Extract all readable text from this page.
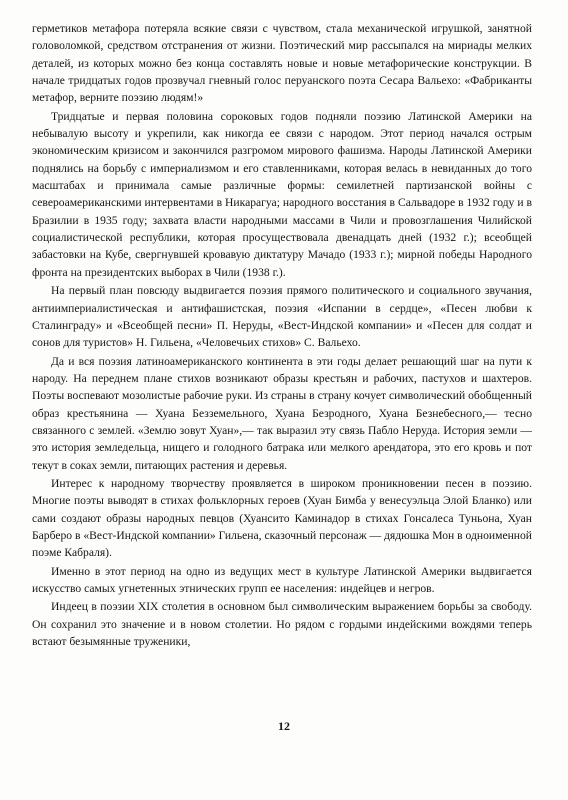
герметиков метафора потеряла всякие связи с чувством, стала механической игрушкой, занятной головоломкой, средством отстранения от жизни. Поэтический мир рассыпался на мириады мелких деталей, из которых можно без конца составлять новые и новые метафорические конструкции. В начале тридцатых годов прозвучал гневный голос перуанского поэта Сесара Вальехо: «Фабриканты метафор, верните поэзию людям!»

Тридцатые и первая половина сороковых годов подняли поэзию Латинской Америки на небывалую высоту и укрепили, как никогда ее связи с народом. Этот период начался острым экономическим кризисом и закончился разгромом мирового фашизма. Народы Латинской Америки поднялись на борьбу с империализмом и его ставленниками, которая велась в невиданных до того масштабах и принимала самые различные формы: семилетней партизанской войны с североамериканскими интервентами в Никарагуа; народного восстания в Сальвадоре в 1932 году и в Бразилии в 1935 году; захвата власти народными массами в Чили и провозглашения Чилийской социалистической республики, которая просуществовала двенадцать дней (1932 г.); всеобщей забастовки на Кубе, свергнувшей кровавую диктатуру Мачадо (1933 г.); мирной победы Народного фронта на президентских выборах в Чили (1938 г.).

На первый план повсюду выдвигается поэзия прямого политического и социального звучания, антиимпериалистическая и антифашистская, поэзия «Испании в сердце», «Песен любви к Сталинграду» и «Всеобщей песни» П. Неруды, «Вест-Индской компании» и «Песен для солдат и сонов для туристов» Н. Гильена, «Человечьих стихов» С. Вальехо.

Да и вся поэзия латиноамериканского континента в эти годы делает решающий шаг на пути к народу. На переднем плане стихов возникают образы крестьян и рабочих, пастухов и шахтеров. Поэты воспевают мозолистые рабочие руки. Из страны в страну кочует символический обобщенный образ крестьянина — Хуана Безземельного, Хуана Безродного, Хуана Безнебесного,— тесно связанного с землей. «Землю зовут Хуан»,— так выразил эту связь Пабло Неруда. История земли — это история земледельца, нищего и голодного батрака или мелкого арендатора, это его кровь и пот текут в соках земли, питающих растения и деревья.

Интерес к народному творчеству проявляется в широком проникновении песен в поэзию. Многие поэты выводят в стихах фольклорных героев (Хуан Бимба у венесуэльца Элой Бланко) или сами создают образы народных певцов (Хуансито Каминадор в стихах Гонсалеса Туньона, Хуан Барберо в «Вест-Индской компании» Гильена, сказочный персонаж — дядюшка Мон в одноименной поэме Кабраля).

Именно в этот период на одно из ведущих мест в культуре Латинской Америки выдвигается искусство самых угнетенных этнических групп ее населения: индейцев и негров.

Индеец в поэзии XIX столетия в основном был символическим выражением борьбы за свободу. Он сохранил это значение и в новом столетии. Но рядом с гордыми индейскими вождями теперь встают безымянные труженики,

12
